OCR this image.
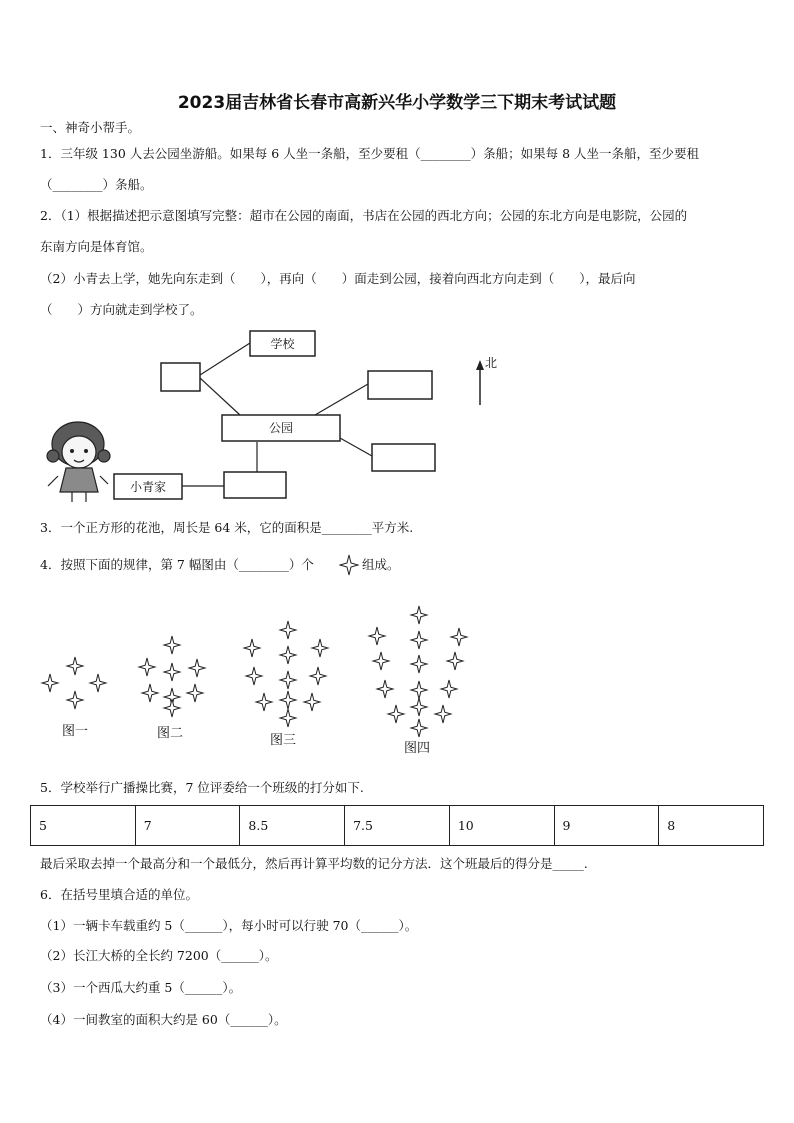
2023届吉林省长春市高新兴华小学数学三下期末考试试题
一、神奇小帮手。
1．三年级 130 人去公园坐游船。如果每 6 人坐一条船，至少要租（________）条船；如果每 8 人坐一条船，至少要租
（________）条船。
2．（1）根据描述把示意图填写完整：超市在公园的南面，书店在公园的西北方向；公园的东北方向是电影院，公园的
东南方向是体育馆。
（2）小青去上学，她先向东走到（　　），再向（　　）面走到公园，接着向西北方向走到（　　），最后向
（　　）方向就走到学校了。
学校
公园
小青家
北
3．一个正方形的花池，周长是 64 米，它的面积是________平方米.
4．按照下面的规律，第 7 幅图由（________）个	组成。
图一	图二	图三
图四
5．学校举行广播操比赛，7 位评委给一个班级的打分如下.
5	7	8.5	7.5	10	9	8
最后采取去掉一个最高分和一个最低分，然后再计算平均数的记分方法．这个班最后的得分是_____.
6．在括号里填合适的单位。
（1）一辆卡车载重约 5（______），每小时可以行驶 70（______）。
（2）长江大桥的全长约 7200（______）。
（3）一个西瓜大约重 5（______）。
（4）一间教室的面积大约是 60（______）。
